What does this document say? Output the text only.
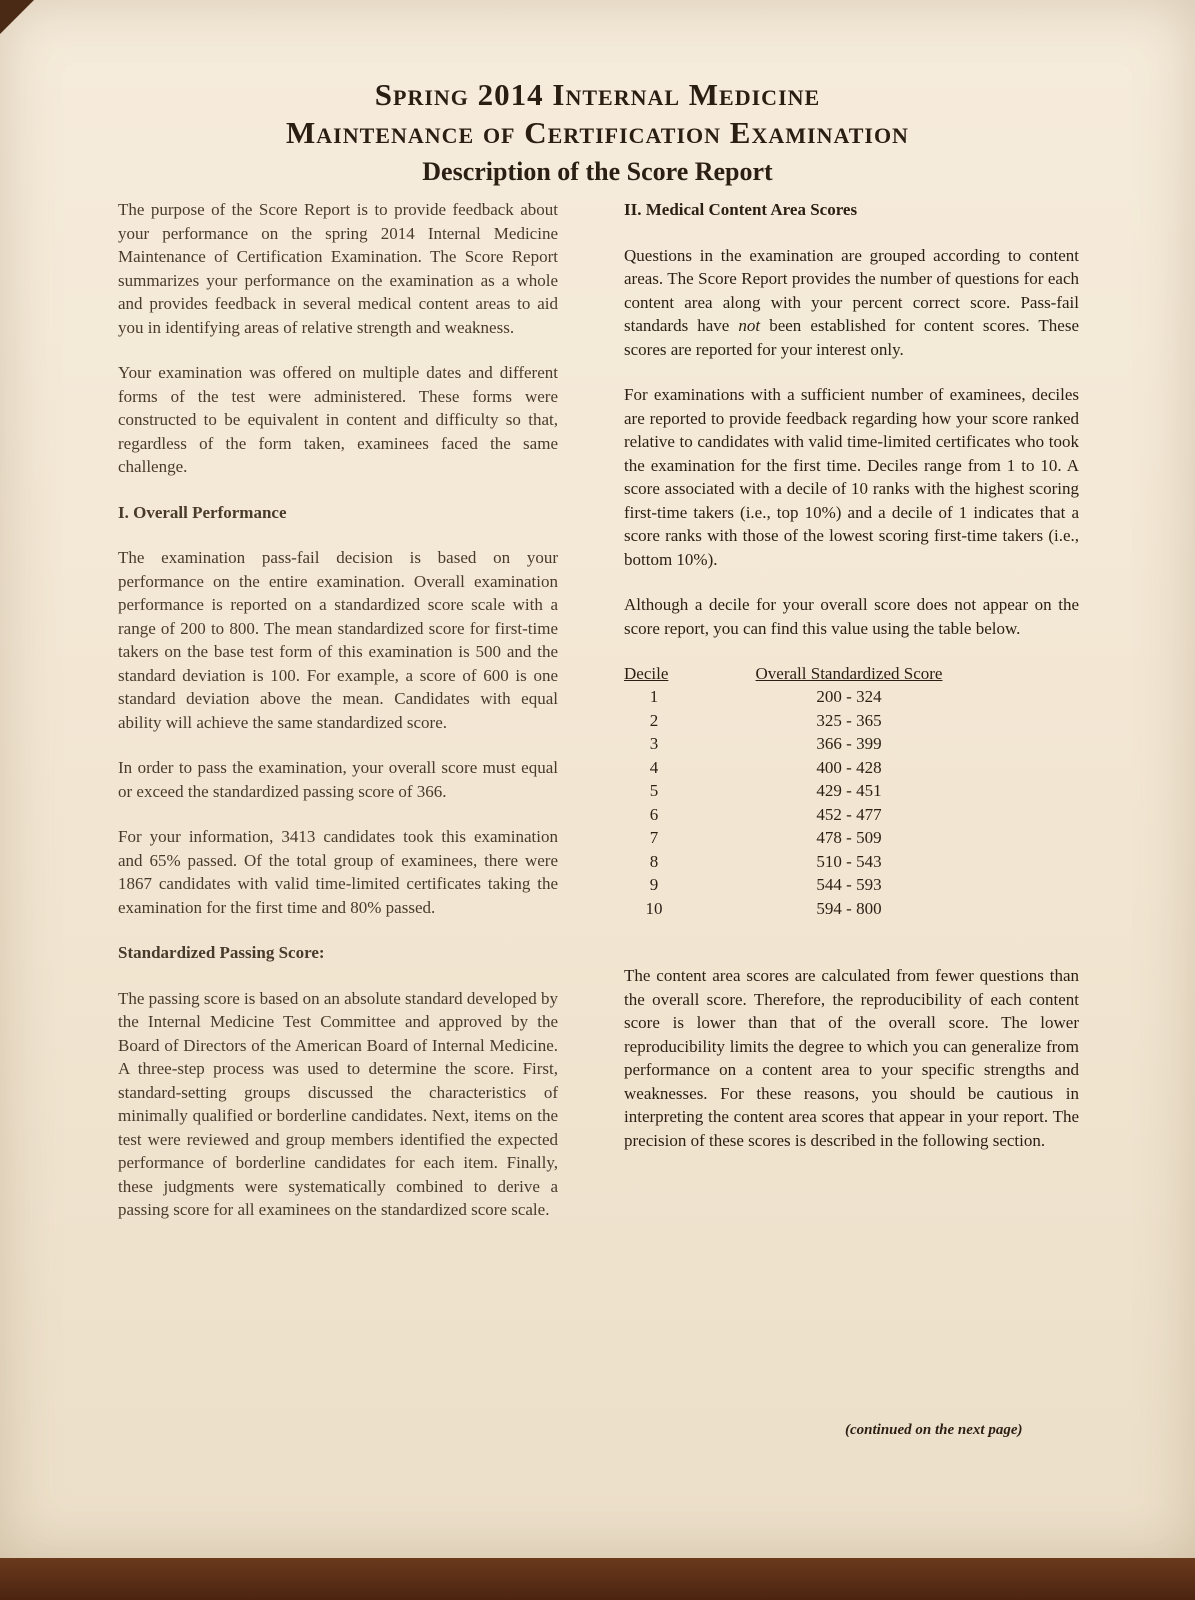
Spring 2014 Internal Medicine
Maintenance of Certification Examination
Description of the Score Report

The purpose of the Score Report is to provide feedback about your performance on the spring 2014 Internal Medicine Maintenance of Certification Examination. The Score Report summarizes your performance on the examination as a whole and provides feedback in several medical content areas to aid you in identifying areas of relative strength and weakness.

Your examination was offered on multiple dates and different forms of the test were administered. These forms were constructed to be equivalent in content and difficulty so that, regardless of the form taken, examinees faced the same challenge.

I. Overall Performance

The examination pass-fail decision is based on your performance on the entire examination. Overall examination performance is reported on a standardized score scale with a range of 200 to 800. The mean standardized score for first-time takers on the base test form of this examination is 500 and the standard deviation is 100. For example, a score of 600 is one standard deviation above the mean. Candidates with equal ability will achieve the same standardized score.

In order to pass the examination, your overall score must equal or exceed the standardized passing score of 366.

For your information, 3413 candidates took this examination and 65% passed. Of the total group of examinees, there were 1867 candidates with valid time-limited certificates taking the examination for the first time and 80% passed.

Standardized Passing Score:

The passing score is based on an absolute standard developed by the Internal Medicine Test Committee and approved by the Board of Directors of the American Board of Internal Medicine. A three-step process was used to determine the score. First, standard-setting groups discussed the characteristics of minimally qualified or borderline candidates. Next, items on the test were reviewed and group members identified the expected performance of borderline candidates for each item. Finally, these judgments were systematically combined to derive a passing score for all examinees on the standardized score scale.

II. Medical Content Area Scores

Questions in the examination are grouped according to content areas. The Score Report provides the number of questions for each content area along with your percent correct score. Pass-fail standards have not been established for content scores. These scores are reported for your interest only.

For examinations with a sufficient number of examinees, deciles are reported to provide feedback regarding how your score ranked relative to candidates with valid time-limited certificates who took the examination for the first time. Deciles range from 1 to 10. A score associated with a decile of 10 ranks with the highest scoring first-time takers (i.e., top 10%) and a decile of 1 indicates that a score ranks with those of the lowest scoring first-time takers (i.e., bottom 10%).

Although a decile for your overall score does not appear on the score report, you can find this value using the table below.

Decile	Overall Standardized Score
1	200 - 324
2	325 - 365
3	366 - 399
4	400 - 428
5	429 - 451
6	452 - 477
7	478 - 509
8	510 - 543
9	544 - 593
10	594 - 800

The content area scores are calculated from fewer questions than the overall score. Therefore, the reproducibility of each content score is lower than that of the overall score. The lower reproducibility limits the degree to which you can generalize from performance on a content area to your specific strengths and weaknesses. For these reasons, you should be cautious in interpreting the content area scores that appear in your report. The precision of these scores is described in the following section.

(continued on the next page)
